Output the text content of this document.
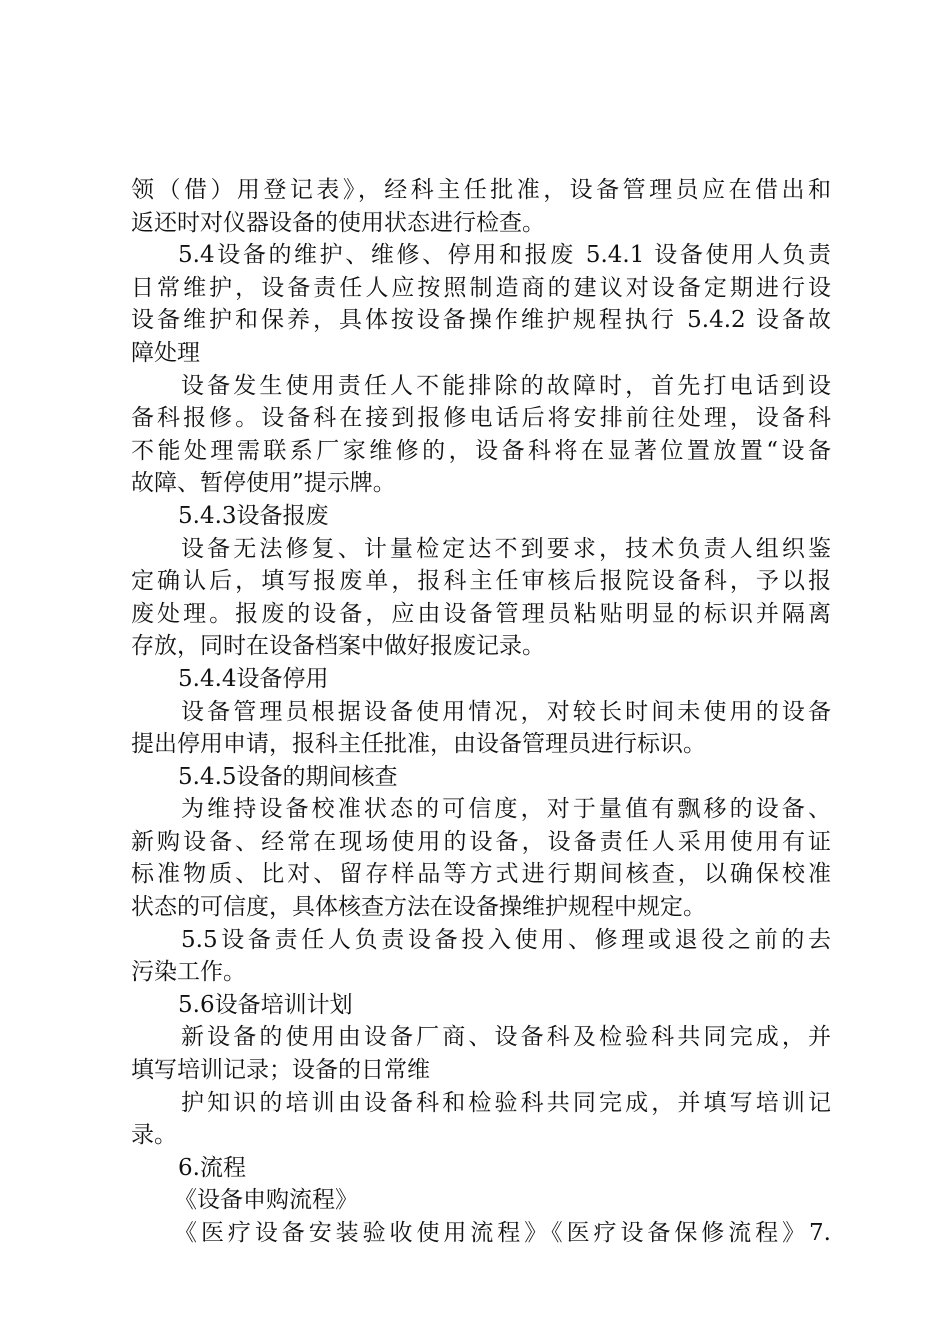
领（借）用登记表》，经科主任批准，设备管理员应在借出和
返还时对仪器设备的使用状态进行检查。
5.4设备的维护、维修、停用和报废 5.4.1 设备使用人负责
日常维护，设备责任人应按照制造商的建议对设备定期进行设
设备维护和保养，具体按设备操作维护规程执行 5.4.2 设备故
障处理
设备发生使用责任人不能排除的故障时，首先打电话到设
备科报修。设备科在接到报修电话后将安排前往处理，设备科
不能处理需联系厂家维修的，设备科将在显著位置放置“设备
故障、暂停使用”提示牌。
5.4.3设备报废
设备无法修复、计量检定达不到要求，技术负责人组织鉴
定确认后，填写报废单，报科主任审核后报院设备科，予以报
废处理。报废的设备，应由设备管理员粘贴明显的标识并隔离
存放，同时在设备档案中做好报废记录。
5.4.4设备停用
设备管理员根据设备使用情况，对较长时间未使用的设备
提出停用申请，报科主任批准，由设备管理员进行标识。
5.4.5设备的期间核查
为维持设备校准状态的可信度，对于量值有飘移的设备、
新购设备、经常在现场使用的设备，设备责任人采用使用有证
标准物质、比对、留存样品等方式进行期间核查，以确保校准
状态的可信度，具体核查方法在设备操维护规程中规定。
5.5设备责任人负责设备投入使用、修理或退役之前的去
污染工作。
5.6设备培训计划
新设备的使用由设备厂商、设备科及检验科共同完成，并
填写培训记录；设备的日常维
护知识的培训由设备科和检验科共同完成，并填写培训记
录。
6.流程
《设备申购流程》
《医疗设备安装验收使用流程》《医疗设备保修流程》7.
